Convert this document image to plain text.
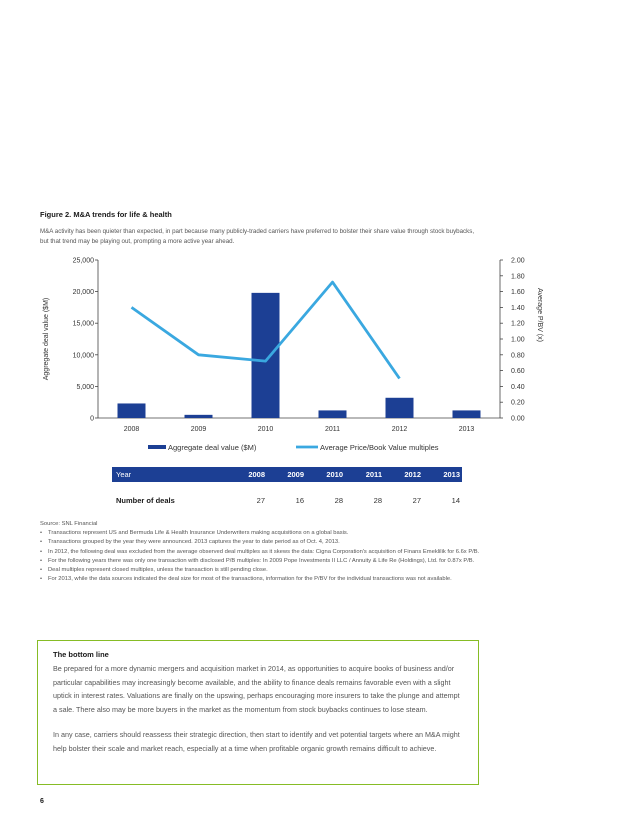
Figure 2. M&A trends for life & health
M&A activity has been quieter than expected, in part because many publicly-traded carriers have preferred to bolster their share value through stock buybacks, but that trend may be playing out, prompting a more active year ahead.
0
5,000
10,000
15,000
20,000
25,000
0.00
0.20
0.40
0.60
0.80
1.00
1.20
1.40
1.60
1.80
2.00
2008	2009	2010	2011	2012	2013
Aggregate deal value ($M)	Average P/BV (x)
Aggregate deal value ($M)	Average Price/Book Value multiples
Year	2008	2009	2010	2011	2012	2013
Number of deals	27	16	28	28	27	14
Source: SNL Financial
• Transactions represent US and Bermuda Life & Health Insurance Underwriters making acquisitions on a global basis.
• Transactions grouped by the year they were announced. 2013 captures the year to date period as of Oct. 4, 2013.
• In 2012, the following deal was excluded from the average observed deal multiples as it skews the data: Cigna Corporation's acquisition of Finans Emeklilik for 6.6x P/B.
• For the following years there was only one transaction with disclosed P/B multiples: In 2009 Pope Investments II LLC / Annuity & Life Re (Holdings), Ltd. for 0.87x P/B.
• Deal multiples represent closed multiples, unless the transaction is still pending close.
• For 2013, while the data sources indicated the deal size for most of the transactions, information for the P/BV for the individual transactions was not available.
The bottom line

Be prepared for a more dynamic mergers and acquisition market in 2014, as opportunities to acquire books of business and/or particular capabilities may increasingly become available, and the ability to finance deals remains favorable even with a slight uptick in interest rates. Valuations are finally on the upswing, perhaps encouraging more insurers to take the plunge and attempt a sale. There also may be more buyers in the market as the momentum from stock buybacks continues to lose steam.

In any case, carriers should reassess their strategic direction, then start to identify and vet potential targets where an M&A might help bolster their scale and market reach, especially at a time when profitable organic growth remains difficult to achieve.

6
